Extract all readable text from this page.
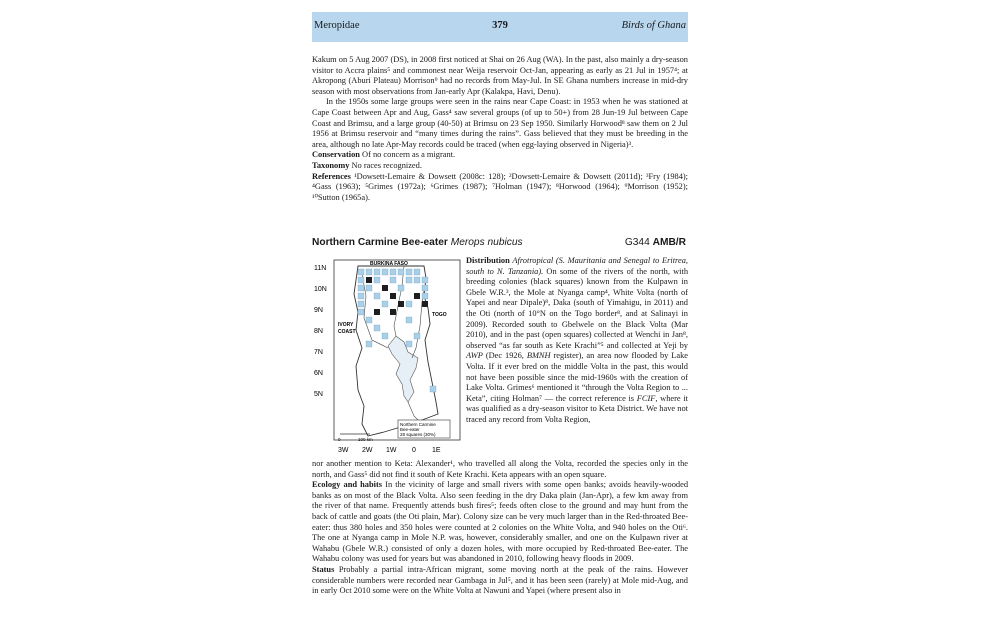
Meropidae	379	Birds of Ghana

Kakum on 5 Aug 2007 (DS), in 2008 first noticed at Shai on 26 Aug (WA). In the past, also mainly a dry-season visitor to Accra plains⁵ and commonest near Weija reservoir Oct-Jan, appearing as early as 21 Jul in 1957⁴; at Akropong (Aburi Plateau) Morrison⁹ had no records from May-Jul. In SE Ghana numbers increase in mid-dry season with most observations from Jan-early Apr (Kalakpa, Havi, Denu).

In the 1950s some large groups were seen in the rains near Cape Coast: in 1953 when he was stationed at Cape Coast between Apr and Aug, Gass⁴ saw several groups (of up to 50+) from 28 Jun-19 Jul between Cape Coast and Brimsu, and a large group (40-50) at Brimsu on 23 Sep 1950. Similarly Horwood⁸ saw them on 2 Jul 1956 at Brimsu reservoir and “many times during the rains”. Gass believed that they must be breeding in the area, although no late Apr-May records could be traced (when egg-laying observed in Nigeria)³.

Conservation Of no concern as a migrant.

Taxonomy No races recognized.

References ¹Dowsett-Lemaire & Dowsett (2008c: 128); ²Dowsett-Lemaire & Dowsett (2011d); ³Fry (1984); ⁴Gass (1963); ⁵Grimes (1972a); ⁶Grimes (1987); ⁷Holman (1947); ⁸Horwood (1964); ⁹Morrison (1952); ¹⁰Sutton (1965a).

Northern Carmine Bee-eater Merops nubicus	G344 AMB/R
BURKINA FASO
TOGO
IVORY
COAST
11N
10N
9N
8N
7N
6N
5N
3W 2W 1W 0 1E
0	100 km
Northern Carmine
Bee-eater
28 squares (30%)

Distribution Afrotropical (S. Mauritania and Senegal to Eritrea, south to N. Tanzania). On some of the rivers of the north, with breeding colonies (black squares) known from the Kulpawn in Gbele W.R.³, the Mole at Nyanga camp⁴, White Volta (north of Yapei and near Dipale)⁸, Daka (south of Yimahigu, in 2011) and the Oti (north of 10°N on the Togo border⁸, and at Salinayi in 2009). Recorded south to Gbelwele on the Black Volta (Mar 2010), and in the past (open squares) collected at Wenchi in Jan⁸, observed “as far south as Kete Krachi”⁵ and collected at Yeji by AWP (Dec 1926, BMNH register), an area now flooded by Lake Volta. If it ever bred on the middle Volta in the past, this would not have been possible since the mid-1960s with the creation of Lake Volta. Grimes⁶ mentioned it “through the Volta Region to ... Keta”, citing Holman⁷ — the correct reference is FCIF, where it was qualified as a dry-season visitor to Keta District. We have not traced any record from Volta Region,

nor another mention to Keta: Alexander¹, who travelled all along the Volta, recorded the species only in the north, and Gass⁵ did not find it south of Kete Krachi. Keta appears with an open square.

Ecology and habits In the vicinity of large and small rivers with some open banks; avoids heavily-wooded banks as on most of the Black Volta. Also seen feeding in the dry Daka plain (Jan-Apr), a few km away from the river of that name. Frequently attends bush fires⁵; feeds often close to the ground and may hunt from the back of cattle and goats (the Oti plain, Mar). Colony size can be very much larger than in the Red-throated Bee-eater: thus 380 holes and 350 holes were counted at 2 colonies on the White Volta, and 940 holes on the Oti⁶. The one at Nyanga camp in Mole N.P. was, however, considerably smaller, and one on the Kulpawn river at Wahabu (Gbele W.R.) consisted of only a dozen holes, with more occupied by Red-throated Bee-eater. The Wahabu colony was used for years but was abandoned in 2010, following heavy floods in 2009.

Status Probably a partial intra-African migrant, some moving north at the peak of the rains. However considerable numbers were recorded near Gambaga in Jul⁵, and it has been seen (rarely) at Mole mid-Aug, and in early Oct 2010 some were on the White Volta at Nawuni and Yapei (where present also in
